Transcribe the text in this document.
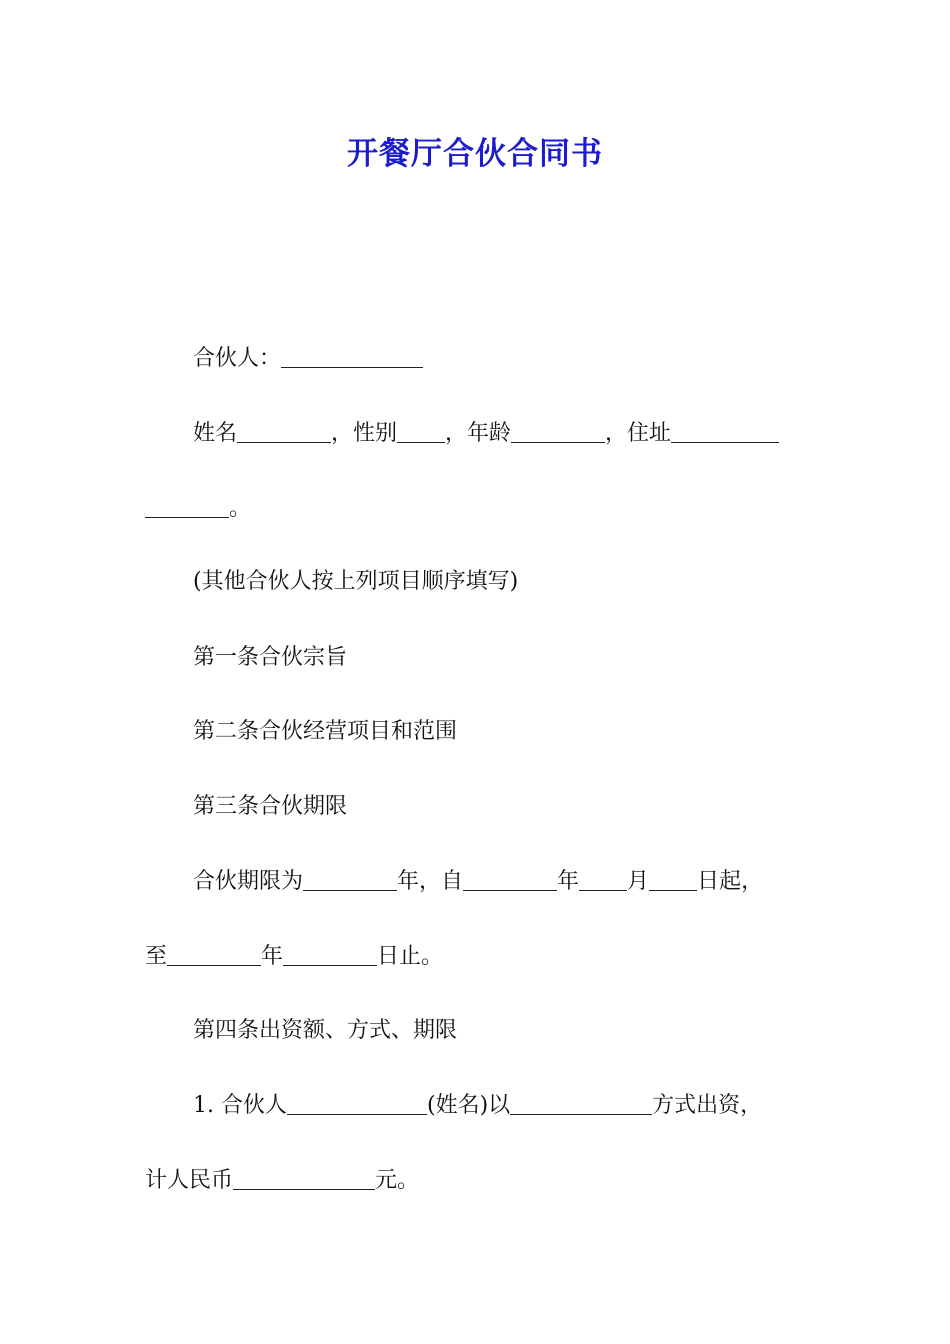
开餐厅合伙合同书
合伙人：
姓名	，性别 ，年龄	，住址
。
(其他合伙人按上列项目顺序填写)
第一条合伙宗旨
第二条合伙经营项目和范围
第三条合伙期限
合伙期限为	年，自	年 月 日起，
至	年	日止。
第四条出资额、方式、期限
1. 合伙人	(姓名)以	方式出资，
计人民币	元。
